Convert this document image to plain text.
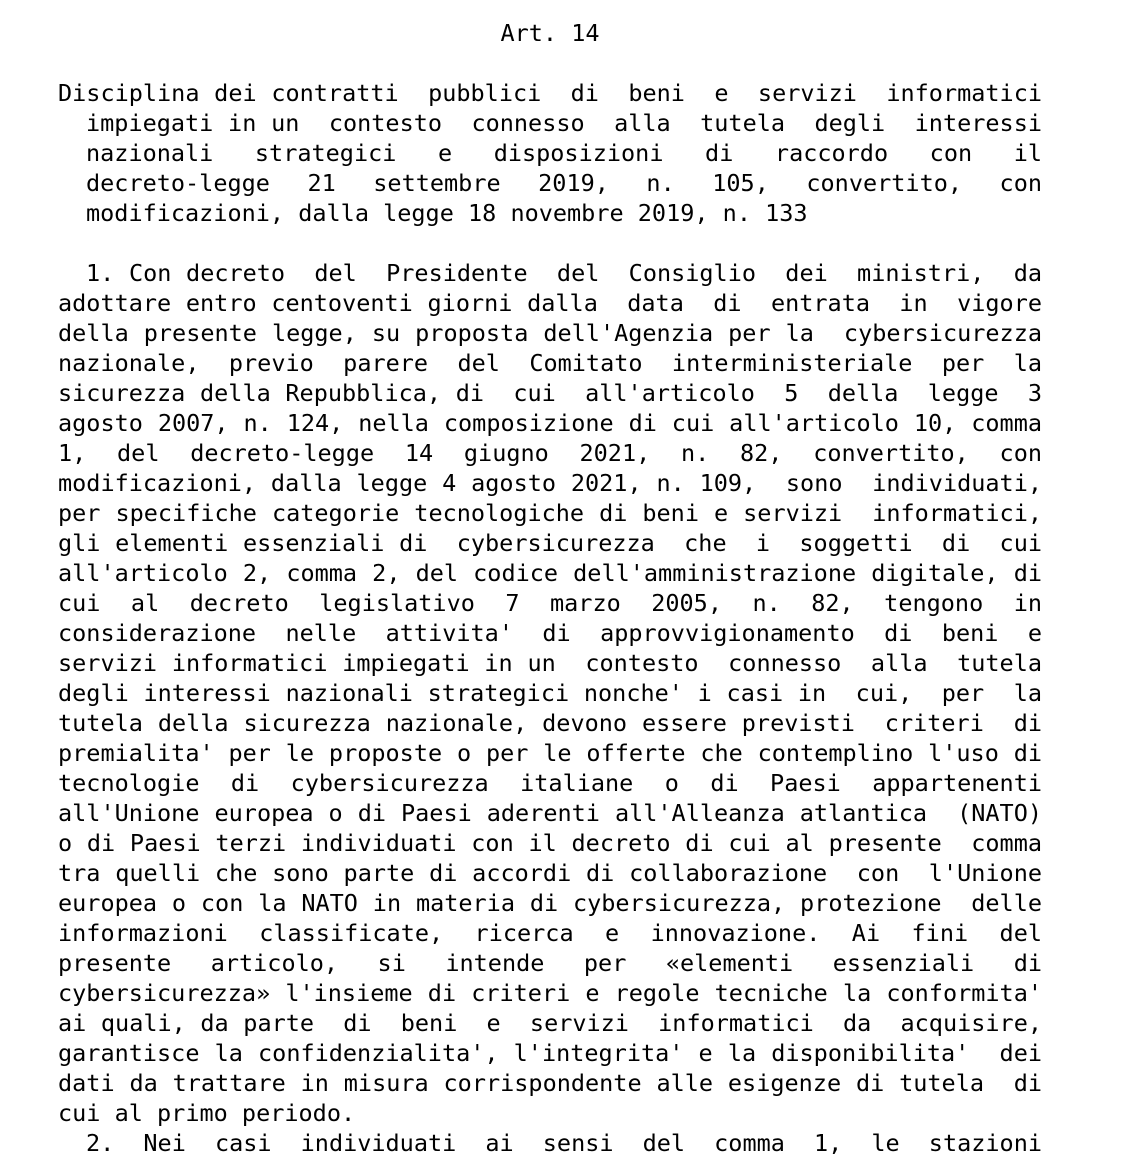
Art. 14
Disciplina dei contratti  pubblici  di  beni  e  servizi  informatici
impiegati in un  contesto  connesso  alla  tutela  degli  interessi
nazionali  strategici  e  disposizioni  di  raccordo  con  il
decreto-legge  21  settembre  2019,  n.  105,  convertito,  con
modificazioni, dalla legge 18 novembre 2019, n. 133
1. Con decreto  del  Presidente  del  Consiglio  dei  ministri,  da
adottare entro centoventi giorni dalla  data  di  entrata  in  vigore
della presente legge, su proposta dell'Agenzia per la  cybersicurezza
nazionale,  previo  parere  del  Comitato  interministeriale  per  la
sicurezza della Repubblica, di  cui  all'articolo  5  della  legge  3
agosto 2007, n. 124, nella composizione di cui all'articolo 10, comma
1,  del  decreto-legge  14  giugno  2021,  n.  82,  convertito,  con
modificazioni, dalla legge 4 agosto 2021, n. 109,  sono  individuati,
per specifiche categorie tecnologiche di beni e servizi  informatici,
gli elementi essenziali di  cybersicurezza  che  i  soggetti  di  cui
all'articolo 2, comma 2, del codice dell'amministrazione digitale, di
cui  al  decreto  legislativo  7  marzo  2005,  n.  82,  tengono  in
considerazione  nelle  attivita'  di  approvvigionamento  di  beni  e
servizi informatici impiegati in un  contesto  connesso  alla  tutela
degli interessi nazionali strategici nonche' i casi in  cui,  per  la
tutela della sicurezza nazionale, devono essere previsti  criteri  di
premialita' per le proposte o per le offerte che contemplino l'uso di
tecnologie  di  cybersicurezza  italiane  o  di  Paesi  appartenenti
all'Unione europea o di Paesi aderenti all'Alleanza atlantica  (NATO)
o di Paesi terzi individuati con il decreto di cui al presente  comma
tra quelli che sono parte di accordi di collaborazione  con  l'Unione
europea o con la NATO in materia di cybersicurezza, protezione  delle
informazioni  classificate,  ricerca  e  innovazione.  Ai  fini  del
presente  articolo,  si  intende  per  «elementi  essenziali  di
cybersicurezza» l'insieme di criteri e regole tecniche la conformita'
ai quali, da parte  di  beni  e  servizi  informatici  da  acquisire,
garantisce la confidenzialita', l'integrita' e la disponibilita'  dei
dati da trattare in misura corrispondente alle esigenze di tutela  di
cui al primo periodo.
2.  Nei  casi  individuati  ai  sensi  del  comma  1,  le  stazioni
